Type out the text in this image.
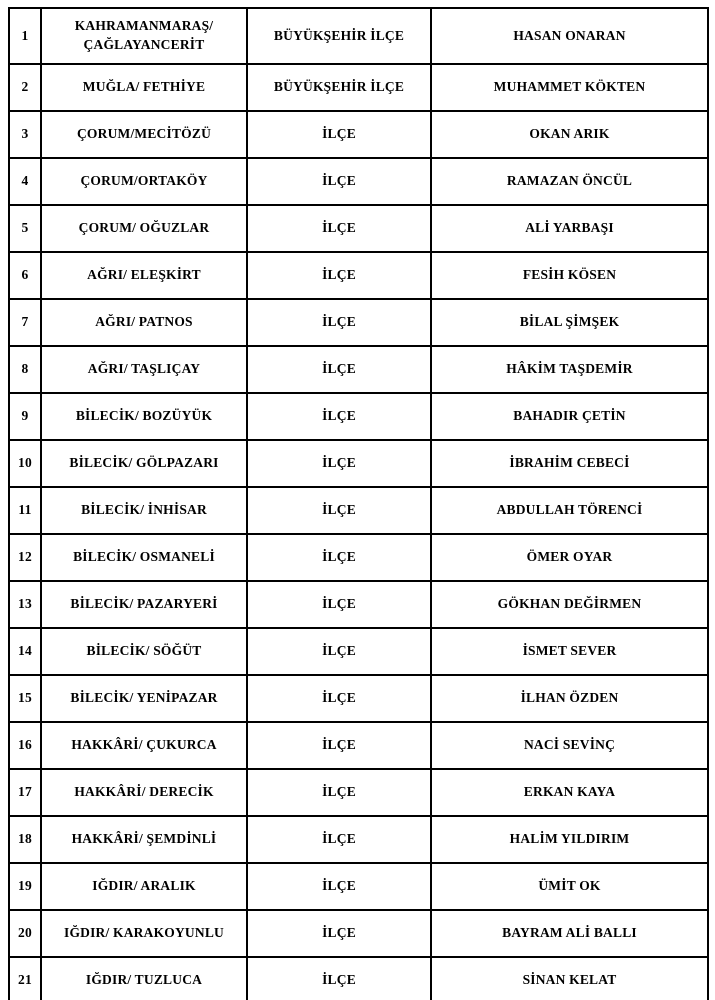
1	KAHRAMANMARAŞ/ ÇAĞLAYANCERİT	BÜYÜKŞEHİR İLÇE	HASAN ONARAN
2	MUĞLA/ FETHİYE	BÜYÜKŞEHİR İLÇE	MUHAMMET KÖKTEN
3	ÇORUM/MECİTÖZÜ	İLÇE	OKAN ARIK
4	ÇORUM/ORTAKÖY	İLÇE	RAMAZAN ÖNCÜL
5	ÇORUM/ OĞUZLAR	İLÇE	ALİ YARBAŞI
6	AĞRI/ ELEŞKİRT	İLÇE	FESİH KÖSEN
7	AĞRI/ PATNOS	İLÇE	BİLAL ŞİMŞEK
8	AĞRI/ TAŞLIÇAY	İLÇE	HÂKİM TAŞDEMİR
9	BİLECİK/ BOZÜYÜK	İLÇE	BAHADIR ÇETİN
10	BİLECİK/ GÖLPAZARI	İLÇE	İBRAHİM CEBECİ
11	BİLECİK/ İNHİSAR	İLÇE	ABDULLAH TÖRENCİ
12	BİLECİK/ OSMANELİ	İLÇE	ÖMER OYAR
13	BİLECİK/ PAZARYERİ	İLÇE	GÖKHAN DEĞİRMEN
14	BİLECİK/ SÖĞÜT	İLÇE	İSMET SEVER
15	BİLECİK/ YENİPAZAR	İLÇE	İLHAN ÖZDEN
16	HAKKÂRİ/ ÇUKURCA	İLÇE	NACİ SEVİNÇ
17	HAKKÂRİ/ DERECİK	İLÇE	ERKAN KAYA
18	HAKKÂRİ/ ŞEMDİNLİ	İLÇE	HALİM YILDIRIM
19	IĞDIR/ ARALIK	İLÇE	ÜMİT OK
20	IĞDIR/ KARAKOYUNLU	İLÇE	BAYRAM ALİ BALLI
21	IĞDIR/ TUZLUCA	İLÇE	SİNAN KELAT
